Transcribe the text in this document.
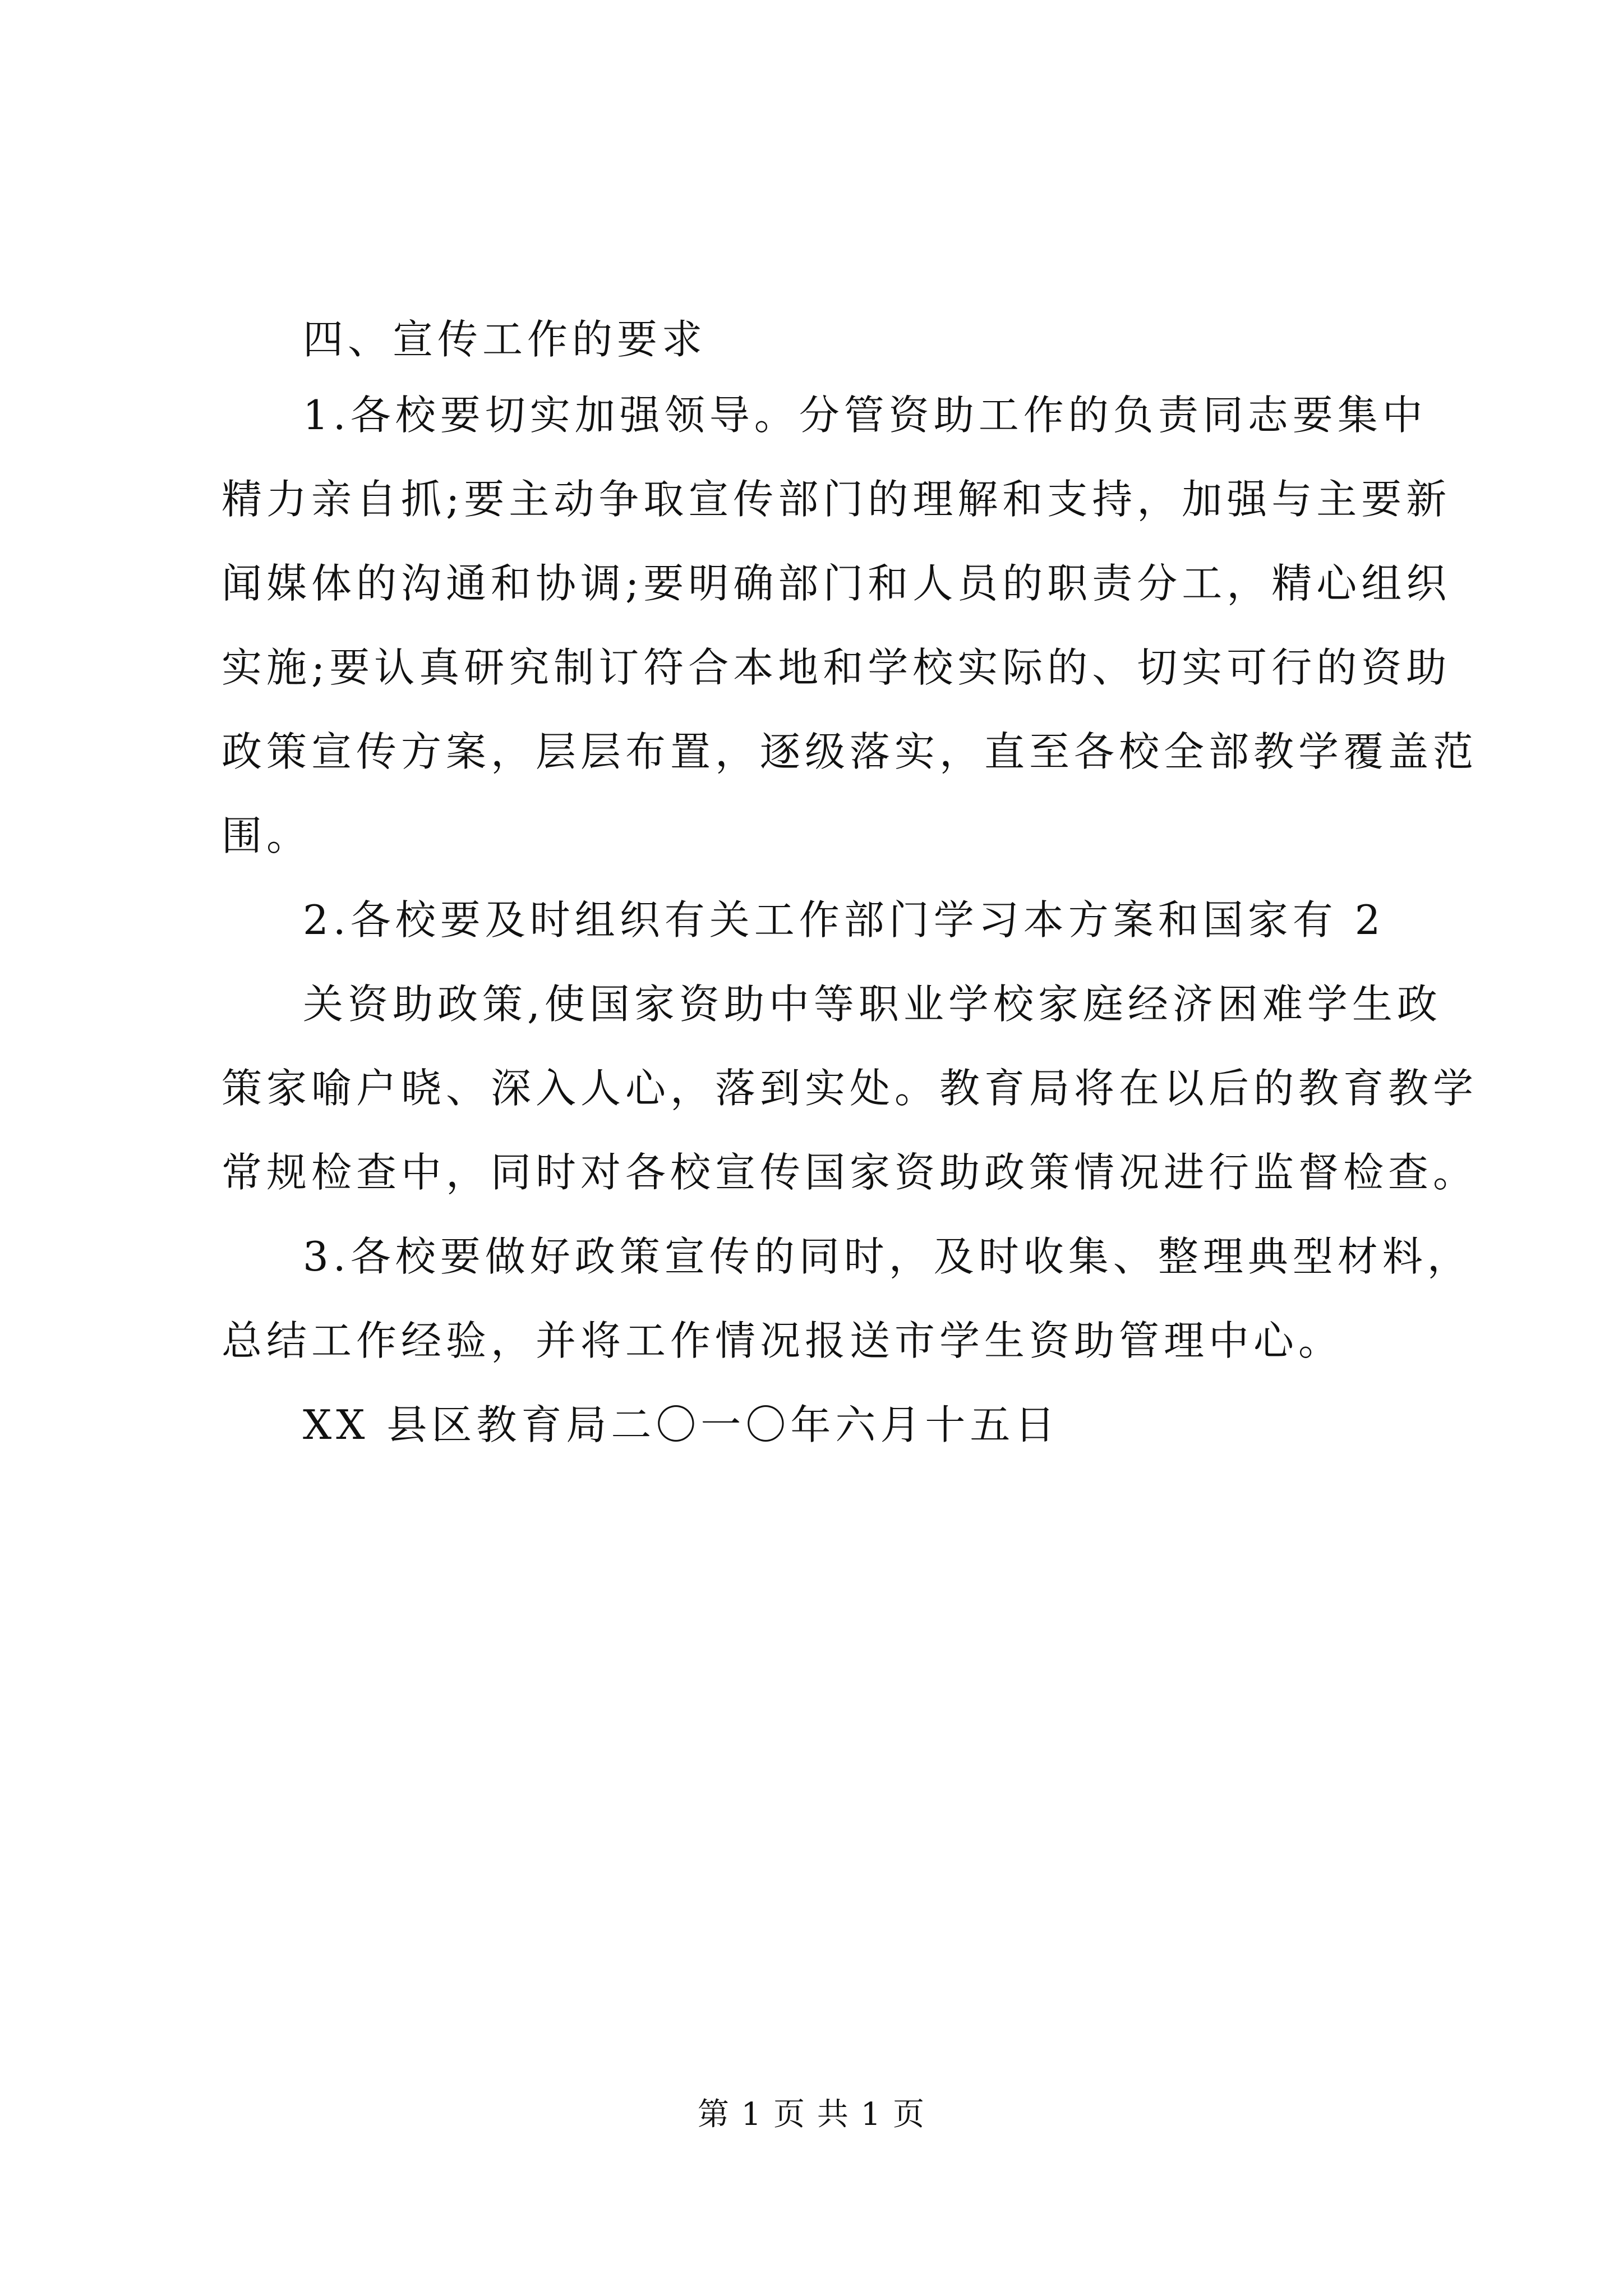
四、宣传工作的要求
1.各校要切实加强领导。分管资助工作的负责同志要集中
精力亲自抓;要主动争取宣传部门的理解和支持，加强与主要新
闻媒体的沟通和协调;要明确部门和人员的职责分工，精心组织
实施;要认真研究制订符合本地和学校实际的、切实可行的资助
政策宣传方案，层层布置，逐级落实，直至各校全部教学覆盖范
围。
2.各校要及时组织有关工作部门学习本方案和国家有 2
关资助政策,使国家资助中等职业学校家庭经济困难学生政
策家喻户晓、深入人心，落到实处。教育局将在以后的教育教学
常规检查中，同时对各校宣传国家资助政策情况进行监督检查。
3.各校要做好政策宣传的同时，及时收集、整理典型材料，
总结工作经验，并将工作情况报送市学生资助管理中心。
XX 县区教育局二〇一〇年六月十五日
第 1 页 共 1 页
